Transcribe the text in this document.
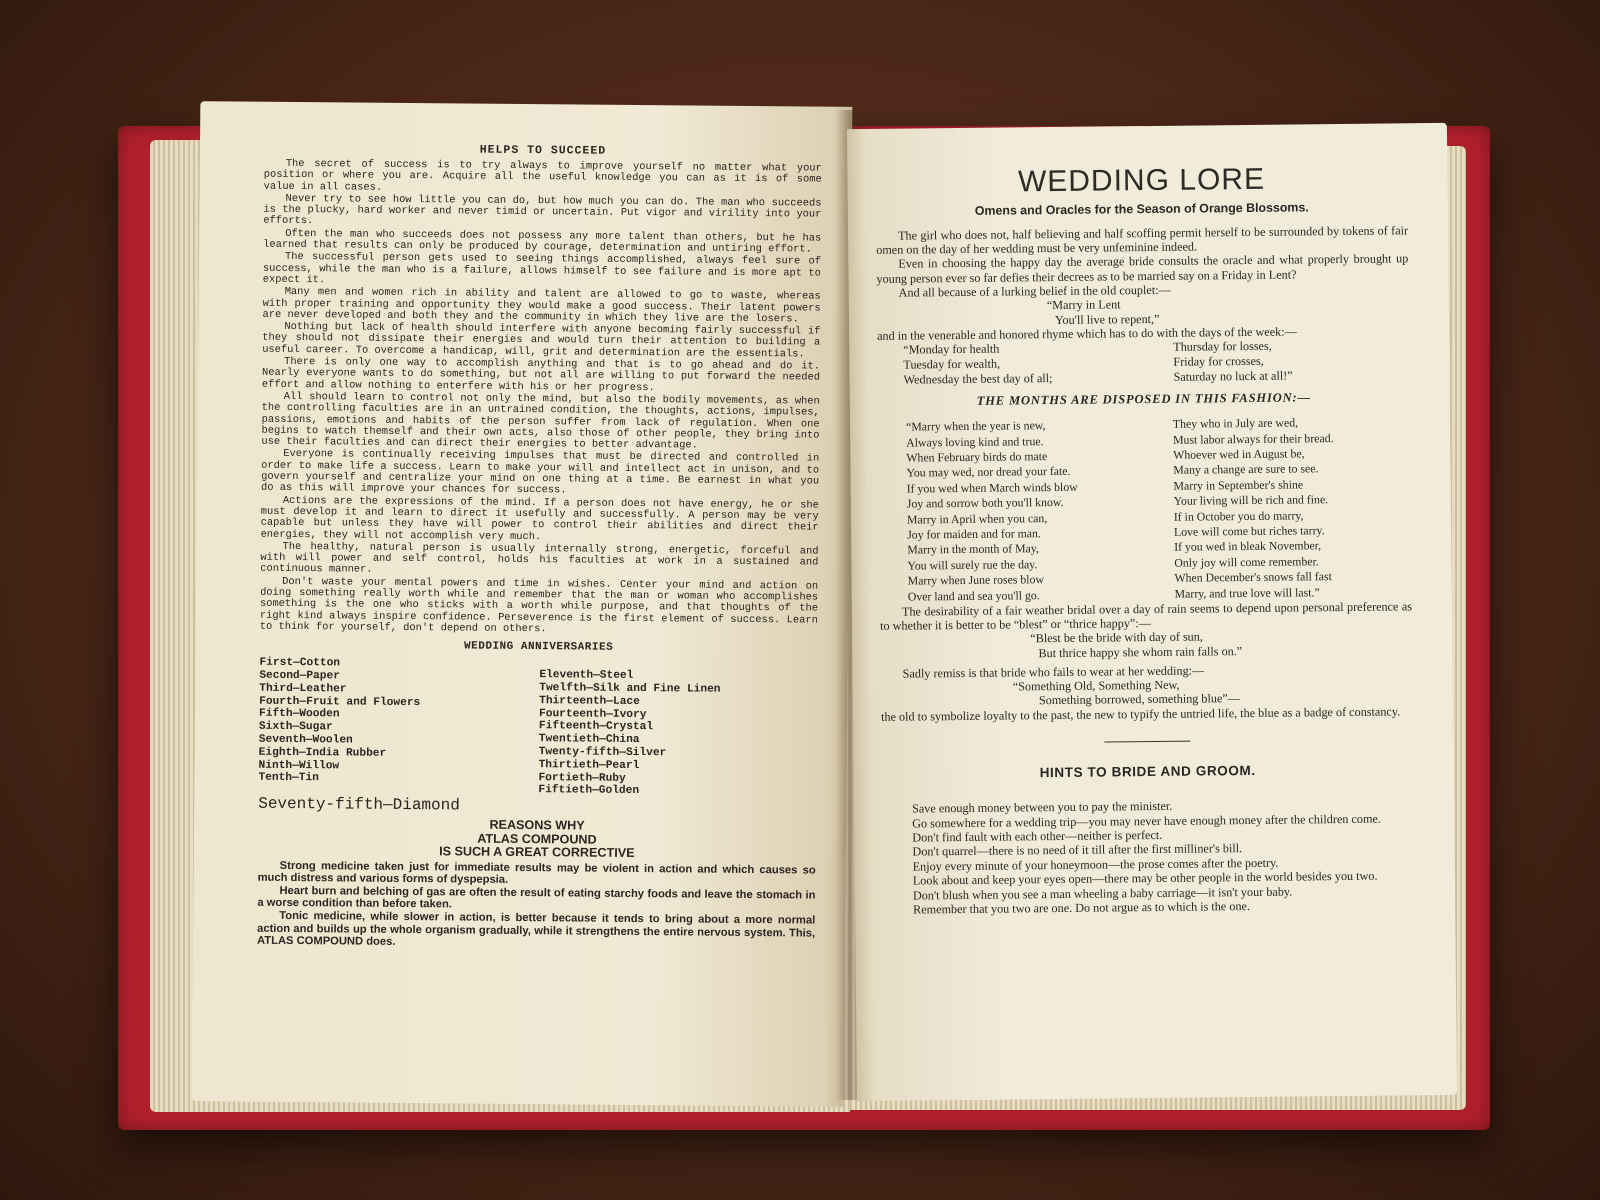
HELPS TO SUCCEED

The secret of success is to try always to improve yourself no matter what your position or where you are. Acquire all the useful knowledge you can as it is of some value in all cases.

Never try to see how little you can do, but how much you can do. The man who succeeds is the plucky, hard worker and never timid or uncertain. Put vigor and virility into your efforts.

Often the man who succeeds does not possess any more talent than others, but he has learned that results can only be produced by courage, determination and untiring effort.

The successful person gets used to seeing things accomplished, always feel sure of success, while the man who is a failure, allows himself to see failure and is more apt to expect it.

Many men and women rich in ability and talent are allowed to go to waste, whereas with proper training and opportunity they would make a good success. Their latent powers are never developed and both they and the community in which they live are the losers.

Nothing but lack of health should interfere with anyone becoming fairly successful if they should not dissipate their energies and would turn their attention to building a useful career. To overcome a handicap, will, grit and determination are the essentials.

There is only one way to accomplish anything and that is to go ahead and do it. Nearly everyone wants to do something, but not all are willing to put forward the needed effort and allow nothing to enterfere with his or her progress.

All should learn to control not only the mind, but also the bodily movements, as when the controlling faculties are in an untrained condition, the thoughts, actions, impulses, passions, emotions and habits of the person suffer from lack of regulation. When one begins to watch themself and their own acts, also those of other people, they bring into use their faculties and can direct their energies to better advantage.

Everyone is continually receiving impulses that must be directed and controlled in order to make life a success. Learn to make your will and intellect act in unison, and to govern yourself and centralize your mind on one thing at a time. Be earnest in what you do as this will improve your chances for success.

Actions are the expressions of the mind. If a person does not have energy, he or she must develop it and learn to direct it usefully and successfully. A person may be very capable but unless they have will power to control their abilities and direct their energies, they will not accomplish very much.

The healthy, natural person is usually internally strong, energetic, forceful and with will power and self control, holds his faculties at work in a sustained and continuous manner.

Don't waste your mental powers and time in wishes. Center your mind and action on doing something really worth while and remember that the man or woman who accomplishes something is the one who sticks with a worth while purpose, and that thoughts of the right kind always inspire confidence. Perseverence is the first element of success. Learn to think for yourself, don't depend on others.

WEDDING ANNIVERSARIES
First—Cotton
Second—Paper
Third—Leather
Fourth—Fruit and Flowers
Fifth—Wooden
Sixth—Sugar
Seventh—Woolen
Eighth—India Rubber
Ninth—Willow
Tenth—Tin
Eleventh—Steel
Twelfth—Silk and Fine Linen
Thirteenth—Lace
Fourteenth—Ivory
Fifteenth—Crystal
Twentieth—China
Twenty-fifth—Silver
Thirtieth—Pearl
Fortieth—Ruby
Fiftieth—Golden
Seventy-fifth—Diamond
REASONS WHY
ATLAS COMPOUND
IS SUCH A GREAT CORRECTIVE

Strong medicine taken just for immediate results may be violent in action and which causes so much distress and various forms of dyspepsia.

Heart burn and belching of gas are often the result of eating starchy foods and leave the stomach in a worse condition than before taken.

Tonic medicine, while slower in action, is better because it tends to bring about a more normal action and builds up the whole organism gradually, while it strengthens the entire nervous system. This, ATLAS COMPOUND does.

WEDDING LORE
Omens and Oracles for the Season of Orange Blossoms.

The girl who does not, half believing and half scoffing permit herself to be surrounded by tokens of fair omen on the day of her wedding must be very unfeminine indeed.

Even in choosing the happy day the average bride consults the oracle and what properly brought up young person ever so far defies their decrees as to be married say on a Friday in Lent?

And all because of a lurking belief in the old couplet:—

“Marry in Lent
You'll live to repent,”

and in the venerable and honored rhyme which has to do with the days of the week:—

“Monday for health	Thursday for losses,
Tuesday for wealth,	Friday for crosses,
Wednesday the best day of all;	Saturday no luck at all!”
THE MONTHS ARE DISPOSED IN THIS FASHION:—
“Marry when the year is new,
Always loving kind and true.
When February birds do mate
You may wed, nor dread your fate.
If you wed when March winds blow
Joy and sorrow both you'll know.
Marry in April when you can,
Joy for maiden and for man.
Marry in the month of May,
You will surely rue the day.
Marry when June roses blow
Over land and sea you'll go.
They who in July are wed,
Must labor always for their bread.
Whoever wed in August be,
Many a change are sure to see.
Marry in September's shine
Your living will be rich and fine.
If in October you do marry,
Love will come but riches tarry.
If you wed in bleak November,
Only joy will come remember.
When December's snows fall fast
Marry, and true love will last.”

The desirability of a fair weather bridal over a day of rain seems to depend upon personal preference as to whether it is better to be “blest” or “thrice happy”:—

“Blest be the bride with day of sun,
But thrice happy she whom rain falls on.”

Sadly remiss is that bride who fails to wear at her wedding:—

“Something Old, Something New,
Something borrowed, something blue”—

the old to symbolize loyalty to the past, the new to typify the untried life, the blue as a badge of constancy.

HINTS TO BRIDE AND GROOM.

Save enough money between you to pay the minister.

Go somewhere for a wedding trip—you may never have enough money after the children come.

Don't find fault with each other—neither is perfect.

Don't quarrel—there is no need of it till after the first milliner's bill.

Enjoy every minute of your honeymoon—the prose comes after the poetry.

Look about and keep your eyes open—there may be other people in the world besides you two.

Don't blush when you see a man wheeling a baby carriage—it isn't your baby.

Remember that you two are one. Do not argue as to which is the one.
